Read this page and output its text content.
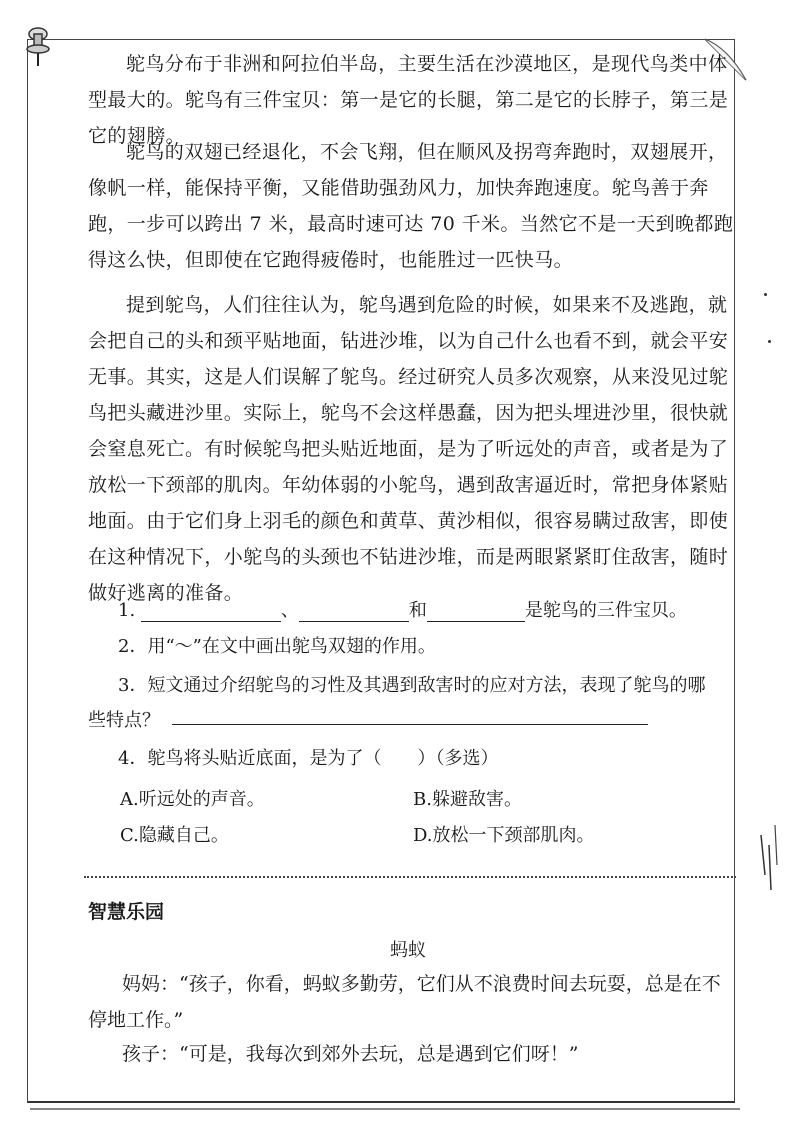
鸵鸟分布于非洲和阿拉伯半岛，主要生活在沙漠地区，是现代鸟类中体型最大的。鸵鸟有三件宝贝：第一是它的长腿，第二是它的长脖子，第三是它的翅膀。

鸵鸟的双翅已经退化，不会飞翔，但在顺风及拐弯奔跑时，双翅展开，像帆一样，能保持平衡，又能借助强劲风力，加快奔跑速度。鸵鸟善于奔跑，一步可以跨出 7 米，最高时速可达 70 千米。当然它不是一天到晚都跑得这么快，但即使在它跑得疲倦时，也能胜过一匹快马。

提到鸵鸟，人们往往认为，鸵鸟遇到危险的时候，如果来不及逃跑，就会把自己的头和颈平贴地面，钻进沙堆，以为自己什么也看不到，就会平安无事。其实，这是人们误解了鸵鸟。经过研究人员多次观察，从来没见过鸵鸟把头藏进沙里。实际上，鸵鸟不会这样愚蠢，因为把头埋进沙里，很快就会窒息死亡。有时候鸵鸟把头贴近地面，是为了听远处的声音，或者是为了放松一下颈部的肌肉。年幼体弱的小鸵鸟，遇到敌害逼近时，常把身体紧贴地面。由于它们身上羽毛的颜色和黄草、黄沙相似，很容易瞒过敌害，即使在这种情况下，小鸵鸟的头颈也不钻进沙堆，而是两眼紧紧盯住敌害，随时做好逃离的准备。

1.	、	和	是鸵鸟的三件宝贝。
2．用“～”在文中画出鸵鸟双翅的作用。
3．短文通过介绍鸵鸟的习性及其遇到敌害时的应对方法，表现了鸵鸟的哪
些特点？
4．鸵鸟将头贴近底面，是为了（　　）（多选）
A.听远处的声音。	B.躲避敌害。
C.隐藏自己。	D.放松一下颈部肌肉。
智慧乐园
蚂蚁

妈妈：“孩子，你看，蚂蚁多勤劳，它们从不浪费时间去玩耍，总是在不停地工作。”

孩子：“可是，我每次到郊外去玩，总是遇到它们呀！”
